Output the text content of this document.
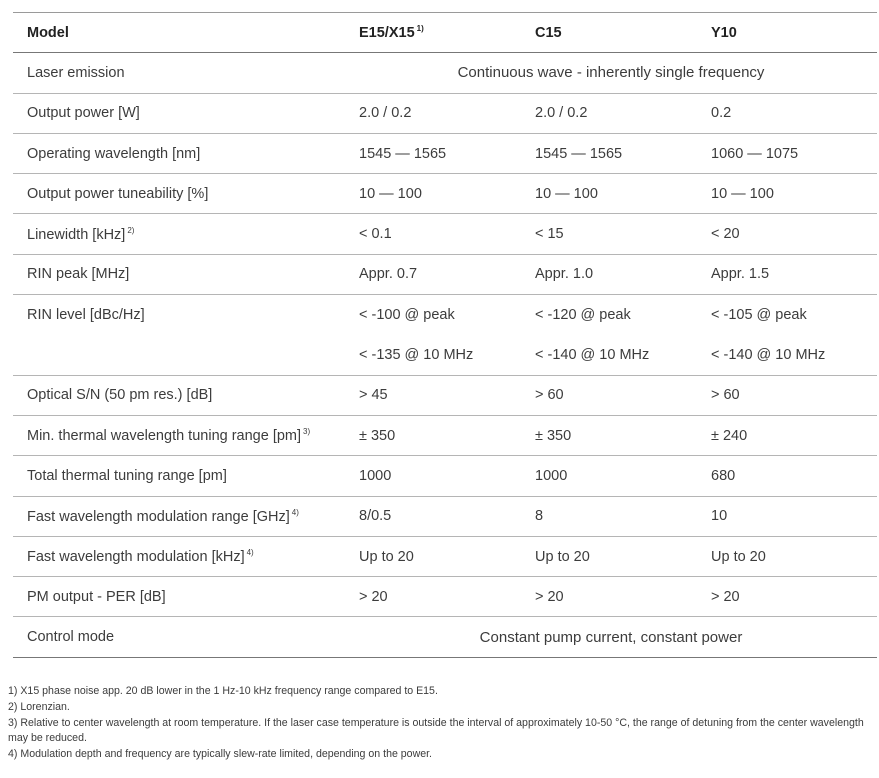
Model	E15/X15 $^{1)}$	C15	Y10
Laser emission	Continuous wave - inherently single frequency		
Output power [W]	2.0 / 0.2	2.0 / 0.2	0.2
Operating wavelength [nm]	1545 — 1565	1545 — 1565	1060 — 1075
Output power tuneability [%]	10 — 100	10 — 100	10 — 100
Linewidth [kHz] $^{2)}$	< 0.1	< 15	< 20
RIN peak [MHz]	Appr. 0.7	Appr. 1.0	Appr. 1.5
RIN level [dBc/Hz]	< -100 @ peak	< -120 @ peak	< -105 @ peak
	< -135 @ 10 MHz	< -140 @ 10 MHz	< -140 @ 10 MHz
Optical S/N (50 pm res.) [dB]	> 45	> 60	> 60
Min. thermal wavelength tuning range [pm] $^{3)}$	± 350	± 350	± 240
Total thermal tuning range [pm]	1000	1000	680
Fast wavelength modulation range [GHz] $^{4)}$	8/0.5	8	10
Fast wavelength modulation [kHz] $^{4)}$	Up to 20	Up to 20	Up to 20
PM output - PER [dB]	> 20	> 20	> 20
Control mode	Constant pump current, constant power		

1) X15 phase noise app. 20 dB lower in the 1 Hz-10 kHz frequency range compared to E15.

2) Lorenzian.

3) Relative to center wavelength at room temperature. If the laser case temperature is outside the interval of approximately 10-50 °C, the range of detuning from the center wavelength may be reduced.

4) Modulation depth and frequency are typically slew-rate limited, depending on the power.
